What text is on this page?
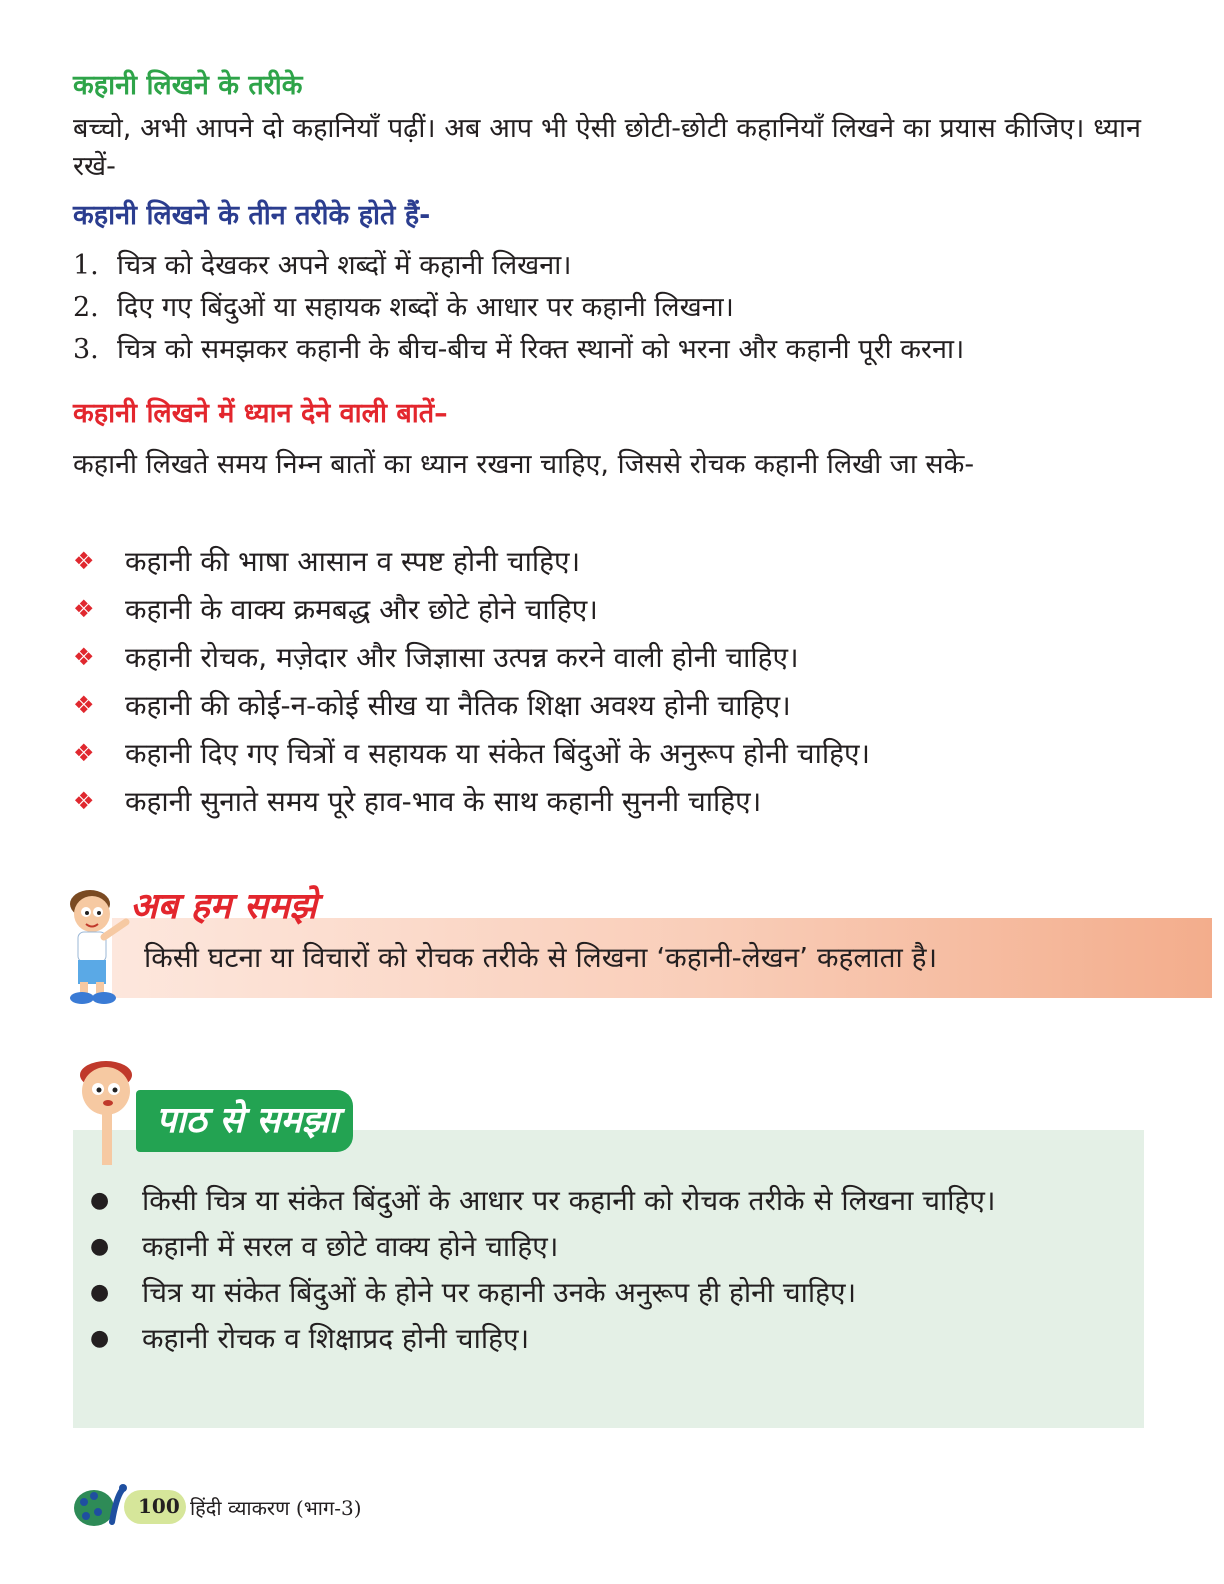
कहानी लिखने के तरीके

बच्चो, अभी आपने दो कहानियाँ पढ़ीं। अब आप भी ऐसी छोटी-छोटी कहानियाँ लिखने का प्रयास कीजिए। ध्यान रखें-

कहानी लिखने के तीन तरीके होते हैं-
1. चित्र को देखकर अपने शब्दों में कहानी लिखना।
2. दिए गए बिंदुओं या सहायक शब्दों के आधार पर कहानी लिखना।
3. चित्र को समझकर कहानी के बीच-बीच में रिक्त स्थानों को भरना और कहानी पूरी करना।
कहानी लिखने में ध्यान देने वाली बातें–

कहानी लिखते समय निम्न बातों का ध्यान रखना चाहिए, जिससे रोचक कहानी लिखी जा सके-

❖	कहानी की भाषा आसान व स्पष्ट होनी चाहिए।
❖	कहानी के वाक्य क्रमबद्ध और छोटे होने चाहिए।
❖	कहानी रोचक, मज़ेदार और जिज्ञासा उत्पन्न करने वाली होनी चाहिए।
❖	कहानी की कोई-न-कोई सीख या नैतिक शिक्षा अवश्य होनी चाहिए।
❖	कहानी दिए गए चित्रों व सहायक या संकेत बिंदुओं के अनुरूप होनी चाहिए।
❖	कहानी सुनाते समय पूरे हाव-भाव के साथ कहानी सुननी चाहिए।
अब हम समझे

किसी घटना या विचारों को रोचक तरीके से लिखना ‘कहानी-लेखन’ कहलाता है।

पाठ से समझा
●	किसी चित्र या संकेत बिंदुओं के आधार पर कहानी को रोचक तरीके से लिखना चाहिए।
●	कहानी में सरल व छोटे वाक्य होने चाहिए।
●	चित्र या संकेत बिंदुओं के होने पर कहानी उनके अनुरूप ही होनी चाहिए।
●	कहानी रोचक व शिक्षाप्रद होनी चाहिए।

100 हिंदी व्याकरण (भाग-3)
